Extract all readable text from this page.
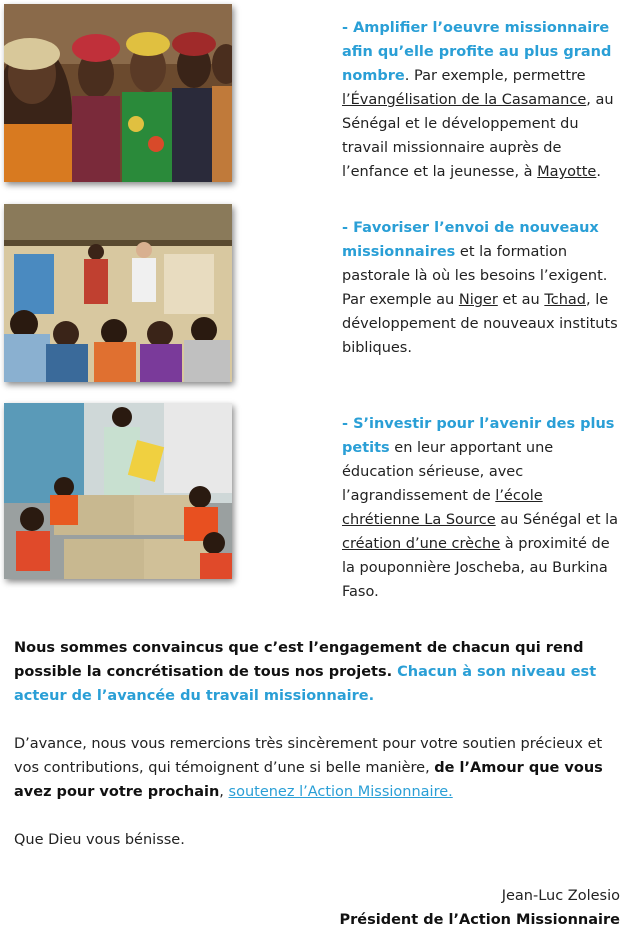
- Amplifier l’oeuvre missionnaire afin qu’elle profite au plus grand nombre. Par exemple, permettre l’Évangélisation de la Casamance, au Sénégal et le développement du travail missionnaire auprès de l’enfance et la jeunesse, à Mayotte.
- Favoriser l’envoi de nouveaux missionnaires et la formation pastorale là où les besoins l’exigent. Par exemple au Niger et au Tchad, le développement de nouveaux instituts bibliques.
- S’investir pour l’avenir des plus petits en leur apportant une éducation sérieuse, avec l’agrandissement de l’école chrétienne La Source au Sénégal et la création d’une crèche à proximité de la pouponnière Joscheba, au Burkina Faso.
Nous sommes convaincus que c’est l’engagement de chacun qui rend possible la concrétisation de tous nos projets. Chacun à son niveau est acteur de l’avancée du travail missionnaire.
D’avance, nous vous remercions très sincèrement pour votre soutien précieux et vos contributions, qui témoignent d’une si belle manière, de l’Amour que vous avez pour votre prochain, soutenez l’Action Missionnaire.
Que Dieu vous bénisse.
Jean-Luc Zolesio
Président de l’Action Missionnaire
